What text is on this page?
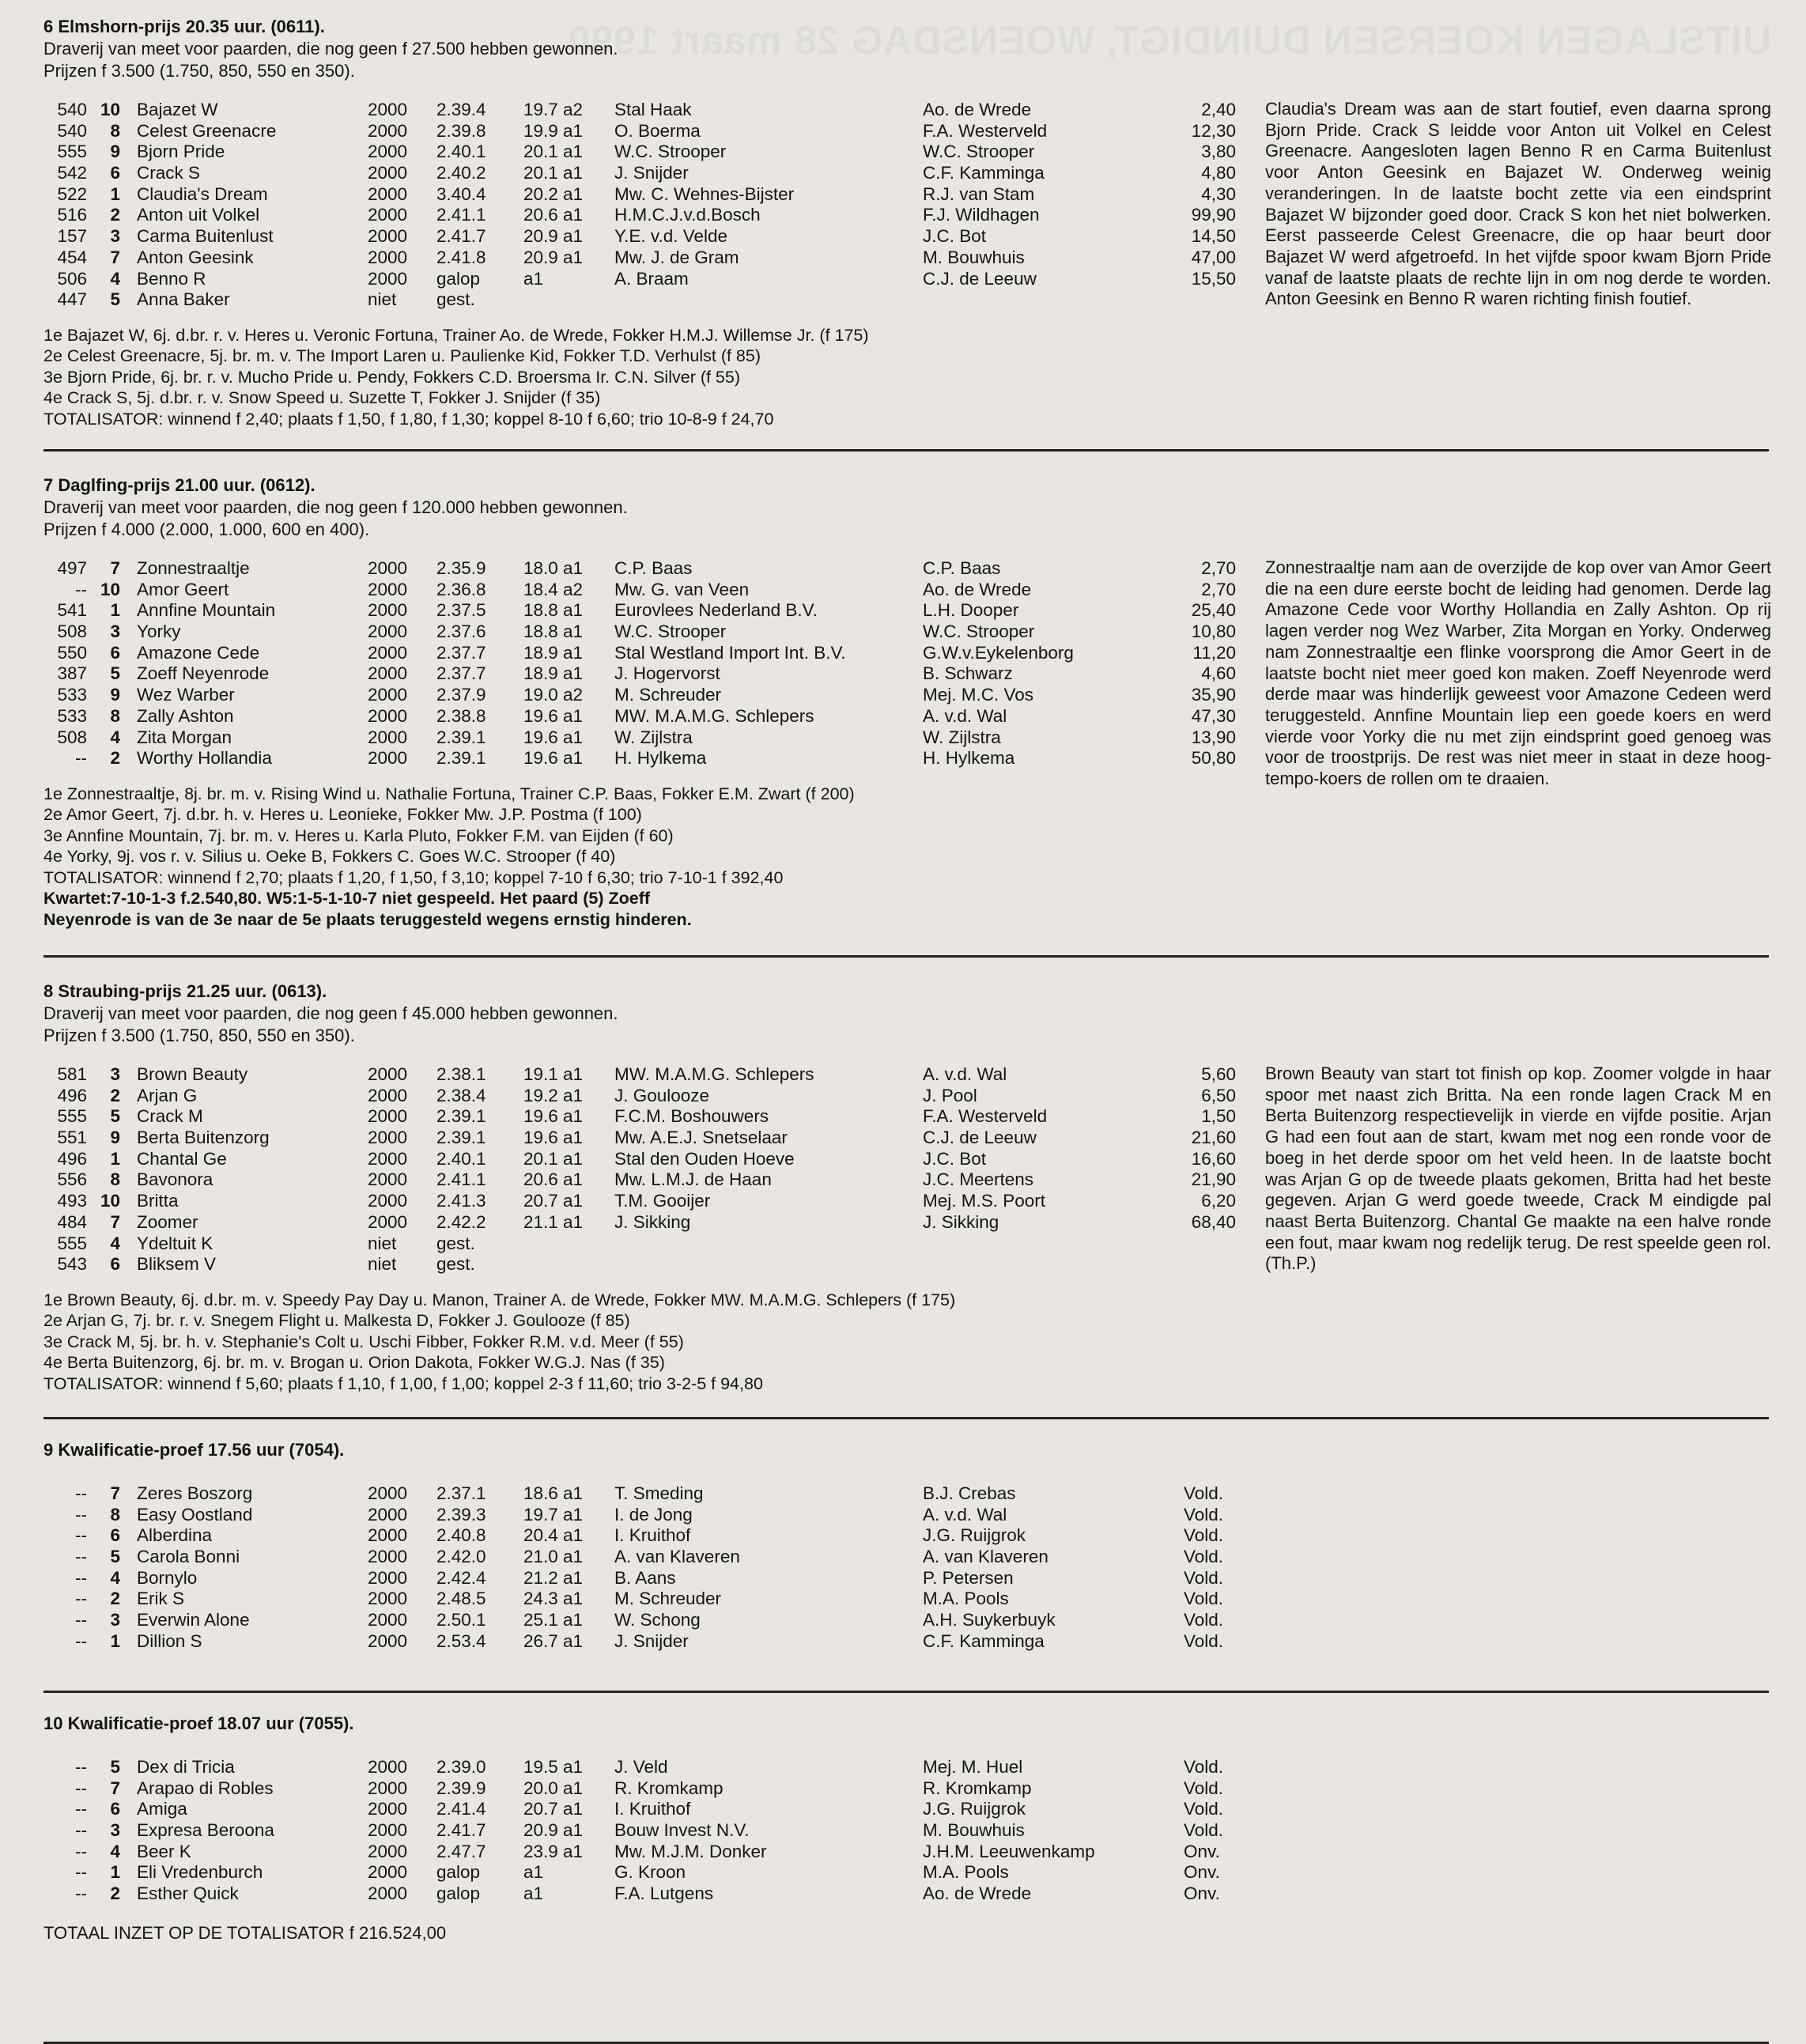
6 Elmshorn-prijs 20.35 uur. (0611).
Draverij van meet voor paarden, die nog geen f 27.500 hebben gewonnen.
Prijzen f 3.500 (1.750, 850, 550 en 350).
540 10 Bajazet W	2000 2.39.4 19.7 a2 Stal Haak	Ao. de Wrede	2,40
540	8 Celest Greenacre	2000 2.39.8 19.9 a1 O. Boerma	F.A. Westerveld	12,30
555	9 Bjorn Pride	2000 2.40.1 20.1 a1 W.C. Strooper	W.C. Strooper	3,80
542	6 Crack S	2000 2.40.2 20.1 a1 J. Snijder	C.F. Kamminga	4,80
522	1 Claudia's Dream	2000 3.40.4 20.2 a1 Mw. C. Wehnes-Bijster	R.J. van Stam	4,30
516	2 Anton uit Volkel	2000 2.41.1 20.6 a1 H.M.C.J.v.d.Bosch	F.J. Wildhagen	99,90
157	3 Carma Buitenlust	2000 2.41.7 20.9 a1 Y.E. v.d. Velde	J.C. Bot	14,50
454	7 Anton Geesink	2000 2.41.8 20.9 a1 Mw. J. de Gram	M. Bouwhuis	47,00
506	4 Benno R	2000 galop a1	A. Braam	C.J. de Leeuw	15,50
447	5 Anna Baker	niet gest.
1e Bajazet W, 6j. d.br. r. v. Heres u. Veronic Fortuna, Trainer Ao. de Wrede, Fokker H.M.J. Willemse Jr. (f 175)
2e Celest Greenacre, 5j. br. m. v. The Import Laren u. Paulienke Kid, Fokker T.D. Verhulst (f 85)
3e Bjorn Pride, 6j. br. r. v. Mucho Pride u. Pendy, Fokkers C.D. Broersma Ir. C.N. Silver (f 55)
4e Crack S, 5j. d.br. r. v. Snow Speed u. Suzette T, Fokker J. Snijder (f 35)
TOTALISATOR: winnend f 2,40; plaats f 1,50, f 1,80, f 1,30; koppel 8-10 f 6,60; trio 10-8-9 f 24,70
Claudia's Dream was aan de start foutief, even daarna sprong Bjorn Pride. Crack S leidde voor Anton uit Volkel en Celest Greenacre. Aangesloten lagen Benno R en Carma Buitenlust voor Anton Geesink en Bajazet W. Onderweg weinig veranderingen. In de laatste bocht zette via een eindsprint Bajazet W bijzonder goed door. Crack S kon het niet bolwerken. Eerst passeerde Celest Greenacre, die op haar beurt door Bajazet W werd afgetroefd. In het vijfde spoor kwam Bjorn Pride vanaf de laatste plaats de rechte lijn in om nog derde te worden. Anton Geesink en Benno R waren richting finish foutief.
7 Daglfing-prijs 21.00 uur. (0612).
Draverij van meet voor paarden, die nog geen f 120.000 hebben gewonnen.
Prijzen f 4.000 (2.000, 1.000, 600 en 400).
497	7 Zonnestraaltje	2000 2.35.9 18.0 a1 C.P. Baas	C.P. Baas	2,70
-- 10 Amor Geert	2000 2.36.8 18.4 a2 Mw. G. van Veen	Ao. de Wrede	2,70
541	1 Annfine Mountain	2000 2.37.5 18.8 a1 Eurovlees Nederland B.V.	L.H. Dooper	25,40
508	3 Yorky	2000 2.37.6 18.8 a1 W.C. Strooper	W.C. Strooper	10,80
550	6 Amazone Cede	2000 2.37.7 18.9 a1 Stal Westland Import Int. B.V.	G.W.v.Eykelenborg	11,20
387	5 Zoeff Neyenrode	2000 2.37.7 18.9 a1 J. Hogervorst	B. Schwarz	4,60
533	9 Wez Warber	2000 2.37.9 19.0 a2 M. Schreuder	Mej. M.C. Vos	35,90
533	8 Zally Ashton	2000 2.38.8 19.6 a1 MW. M.A.M.G. Schlepers	A. v.d. Wal	47,30
508	4 Zita Morgan	2000 2.39.1 19.6 a1 W. Zijlstra	W. Zijlstra	13,90
--	2 Worthy Hollandia	2000 2.39.1 19.6 a1 H. Hylkema	H. Hylkema	50,80
1e Zonnestraaltje, 8j. br. m. v. Rising Wind u. Nathalie Fortuna, Trainer C.P. Baas, Fokker E.M. Zwart (f 200)
2e Amor Geert, 7j. d.br. h. v. Heres u. Leonieke, Fokker Mw. J.P. Postma (f 100)
3e Annfine Mountain, 7j. br. m. v. Heres u. Karla Pluto, Fokker F.M. van Eijden (f 60)
4e Yorky, 9j. vos r. v. Silius u. Oeke B, Fokkers C. Goes W.C. Strooper (f 40)
TOTALISATOR: winnend f 2,70; plaats f 1,20, f 1,50, f 3,10; koppel 7-10 f 6,30; trio 7-10-1 f 392,40
Kwartet:7-10-1-3 f.2.540,80. W5:1-5-1-10-7 niet gespeeld. Het paard (5) Zoeff
Neyenrode is van de 3e naar de 5e plaats teruggesteld wegens ernstig hinderen.
Zonnestraaltje nam aan de overzijde de kop over van Amor Geert die na een dure eerste bocht de leiding had genomen. Derde lag Amazone Cede voor Worthy Hollandia en Zally Ashton. Op rij lagen verder nog Wez Warber, Zita Morgan en Yorky. Onderweg nam Zonnestraaltje een flinke voorsprong die Amor Geert in de laatste bocht niet meer goed kon maken. Zoeff Neyenrode werd derde maar was hinderlijk geweest voor Amazone Cedeen werd teruggesteld. Annfine Mountain liep een goede koers en werd vierde voor Yorky die nu met zijn eindsprint goed genoeg was voor de troostprijs. De rest was niet meer in staat in deze hoog-tempo-koers de rollen om te draaien.
8 Straubing-prijs 21.25 uur. (0613).
Draverij van meet voor paarden, die nog geen f 45.000 hebben gewonnen.
Prijzen f 3.500 (1.750, 850, 550 en 350).
581	3 Brown Beauty	2000 2.38.1 19.1 a1 MW. M.A.M.G. Schlepers	A. v.d. Wal	5,60
496	2 Arjan G	2000 2.38.4 19.2 a1 J. Goulooze	J. Pool	6,50
555	5 Crack M	2000 2.39.1 19.6 a1 F.C.M. Boshouwers	F.A. Westerveld	1,50
551	9 Berta Buitenzorg	2000 2.39.1 19.6 a1 Mw. A.E.J. Snetselaar	C.J. de Leeuw	21,60
496	1 Chantal Ge	2000 2.40.1 20.1 a1 Stal den Ouden Hoeve	J.C. Bot	16,60
556	8 Bavonora	2000 2.41.1 20.6 a1 Mw. L.M.J. de Haan	J.C. Meertens	21,90
493 10 Britta	2000 2.41.3 20.7 a1 T.M. Gooijer	Mej. M.S. Poort	6,20
484	7 Zoomer	2000 2.42.2 21.1 a1 J. Sikking	J. Sikking	68,40
555	4 Ydeltuit K	niet gest.
543	6 Bliksem V	niet gest.
1e Brown Beauty, 6j. d.br. m. v. Speedy Pay Day u. Manon, Trainer A. de Wrede, Fokker MW. M.A.M.G. Schlepers (f 175)
2e Arjan G, 7j. br. r. v. Snegem Flight u. Malkesta D, Fokker J. Goulooze (f 85)
3e Crack M, 5j. br. h. v. Stephanie's Colt u. Uschi Fibber, Fokker R.M. v.d. Meer (f 55)
4e Berta Buitenzorg, 6j. br. m. v. Brogan u. Orion Dakota, Fokker W.G.J. Nas (f 35)
TOTALISATOR: winnend f 5,60; plaats f 1,10, f 1,00, f 1,00; koppel 2-3 f 11,60; trio 3-2-5 f 94,80
Brown Beauty van start tot finish op kop. Zoomer volgde in haar spoor met naast zich Britta. Na een ronde lagen Crack M en Berta Buitenzorg respectievelijk in vierde en vijfde positie. Arjan G had een fout aan de start, kwam met nog een ronde voor de boeg in het derde spoor om het veld heen. In de laatste bocht was Arjan G op de tweede plaats gekomen, Britta had het beste gegeven. Arjan G werd goede tweede, Crack M eindigde pal naast Berta Buitenzorg. Chantal Ge maakte na een halve ronde een fout, maar kwam nog redelijk terug. De rest speelde geen rol. (Th.P.)
9 Kwalificatie-proef 17.56 uur (7054).
--	7 Zeres Boszorg	2000 2.37.1 18.6 a1 T. Smeding	B.J. Crebas	Vold.
--	8 Easy Oostland	2000 2.39.3 19.7 a1 I. de Jong	A. v.d. Wal	Vold.
--	6 Alberdina	2000 2.40.8 20.4 a1 I. Kruithof	J.G. Ruijgrok	Vold.
--	5 Carola Bonni	2000 2.42.0 21.0 a1 A. van Klaveren	A. van Klaveren	Vold.
--	4 Bornylo	2000 2.42.4 21.2 a1 B. Aans	P. Petersen	Vold.
--	2 Erik S	2000 2.48.5 24.3 a1 M. Schreuder	M.A. Pools	Vold.
--	3 Everwin Alone	2000 2.50.1 25.1 a1 W. Schong	A.H. Suykerbuyk	Vold.
--	1 Dillion S	2000 2.53.4 26.7 a1 J. Snijder	C.F. Kamminga	Vold.
10 Kwalificatie-proef 18.07 uur (7055).
--	5 Dex di Tricia	2000 2.39.0 19.5 a1 J. Veld	Mej. M. Huel	Vold.
--	7 Arapao di Robles	2000 2.39.9 20.0 a1 R. Kromkamp	R. Kromkamp	Vold.
--	6 Amiga	2000 2.41.4 20.7 a1 I. Kruithof	J.G. Ruijgrok	Vold.
--	3 Expresa Beroona	2000 2.41.7 20.9 a1 Bouw Invest N.V.	M. Bouwhuis	Vold.
--	4 Beer K	2000 2.47.7 23.9 a1 Mw. M.J.M. Donker	J.H.M. Leeuwenkamp	Onv.
--	1 Eli Vredenburch	2000 galop a1	G. Kroon	M.A. Pools	Onv.
--	2 Esther Quick	2000 galop a1	F.A. Lutgens	Ao. de Wrede	Onv.
TOTAAL INZET OP DE TOTALISATOR f 216.524,00
